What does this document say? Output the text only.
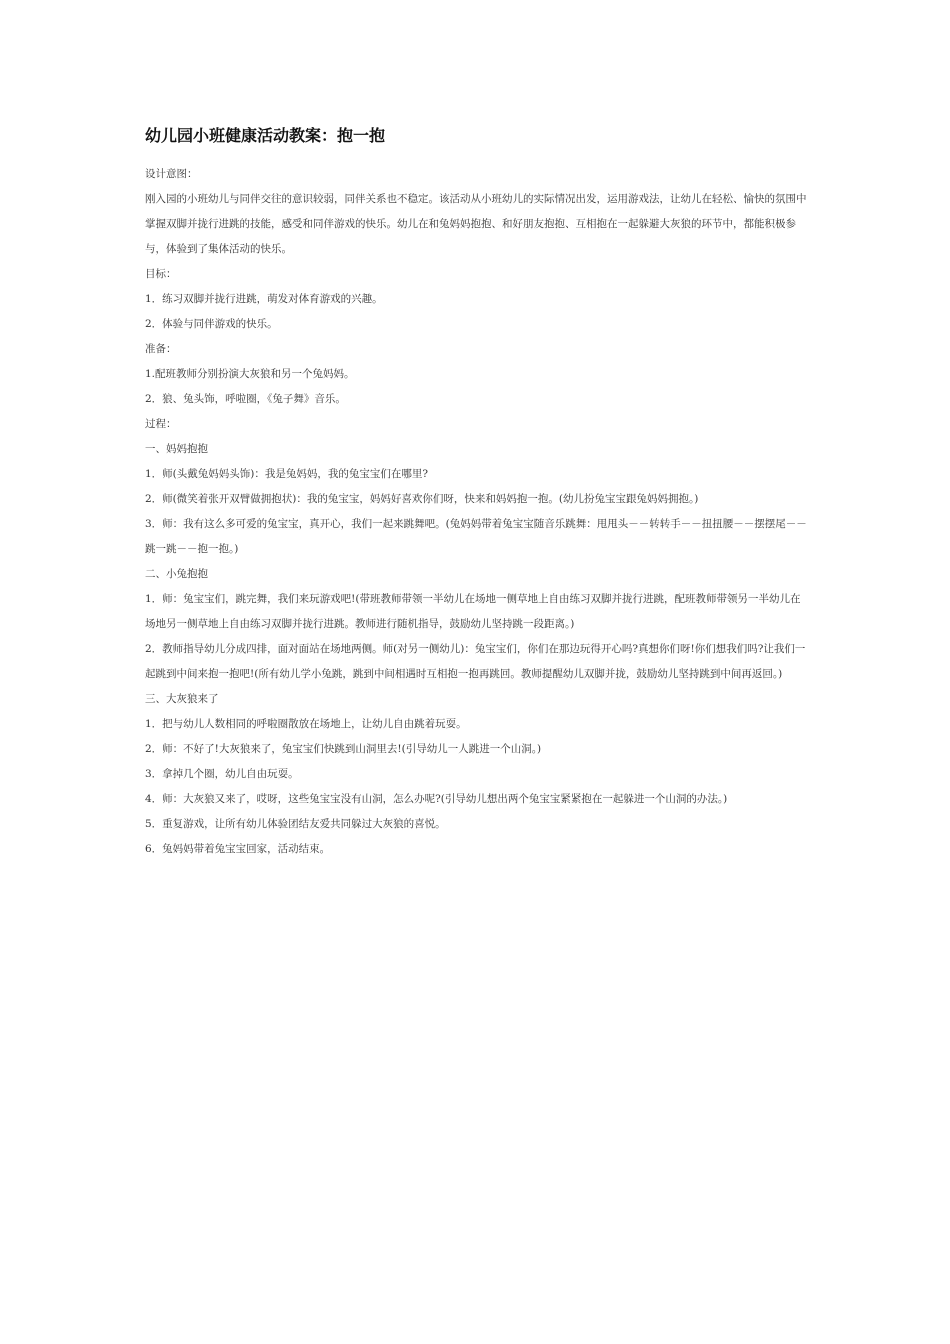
幼儿园小班健康活动教案：抱一抱

设计意图：

刚入园的小班幼儿与同伴交往的意识较弱，同伴关系也不稳定。该活动从小班幼儿的实际情况出发，运用游戏法，让幼儿在轻松、愉快的氛围中掌握双脚并拢行进跳的技能，感受和同伴游戏的快乐。幼儿在和兔妈妈抱抱、和好朋友抱抱、互相抱在一起躲避大灰狼的环节中，都能积极参与，体验到了集体活动的快乐。

目标：

1．练习双脚并拢行进跳，萌发对体育游戏的兴趣。

2．体验与同伴游戏的快乐。

准备：

1.配班教师分别扮演大灰狼和另一个兔妈妈。

2．狼、兔头饰，呼啦圈，《兔子舞》音乐。

过程：

一、妈妈抱抱

1．师(头戴兔妈妈头饰)：我是兔妈妈，我的兔宝宝们在哪里?

2．师(微笑着张开双臂做拥抱状)：我的兔宝宝，妈妈好喜欢你们呀，快来和妈妈抱一抱。(幼儿扮兔宝宝跟兔妈妈拥抱。)

3．师：我有这么多可爱的兔宝宝，真开心，我们一起来跳舞吧。(兔妈妈带着兔宝宝随音乐跳舞：甩甩头－－转转手－－扭扭腰－－摆摆尾－－跳一跳－－抱一抱。)

二、小兔抱抱

1．师：兔宝宝们，跳完舞，我们来玩游戏吧!(带班教师带领一半幼儿在场地一侧草地上自由练习双脚并拢行进跳，配班教师带领另一半幼儿在场地另一侧草地上自由练习双脚并拢行进跳。教师进行随机指导，鼓励幼儿坚持跳一段距离。)

2．教师指导幼儿分成四排，面对面站在场地两侧。师(对另一侧幼儿)：兔宝宝们，你们在那边玩得开心吗?真想你们呀!你们想我们吗?让我们一起跳到中间来抱一抱吧!(所有幼儿学小兔跳，跳到中间相遇时互相抱一抱再跳回。教师提醒幼儿双脚并拢，鼓励幼儿坚持跳到中间再返回。)

三、大灰狼来了

1．把与幼儿人数相同的呼啦圈散放在场地上，让幼儿自由跳着玩耍。

2．师：不好了!大灰狼来了，兔宝宝们快跳到山洞里去!(引导幼儿一人跳进一个山洞。)

3．拿掉几个圈，幼儿自由玩耍。

4．师：大灰狼又来了，哎呀，这些兔宝宝没有山洞，怎么办呢?(引导幼儿想出两个兔宝宝紧紧抱在一起躲进一个山洞的办法。)

5．重复游戏，让所有幼儿体验团结友爱共同躲过大灰狼的喜悦。

6．兔妈妈带着兔宝宝回家，活动结束。
